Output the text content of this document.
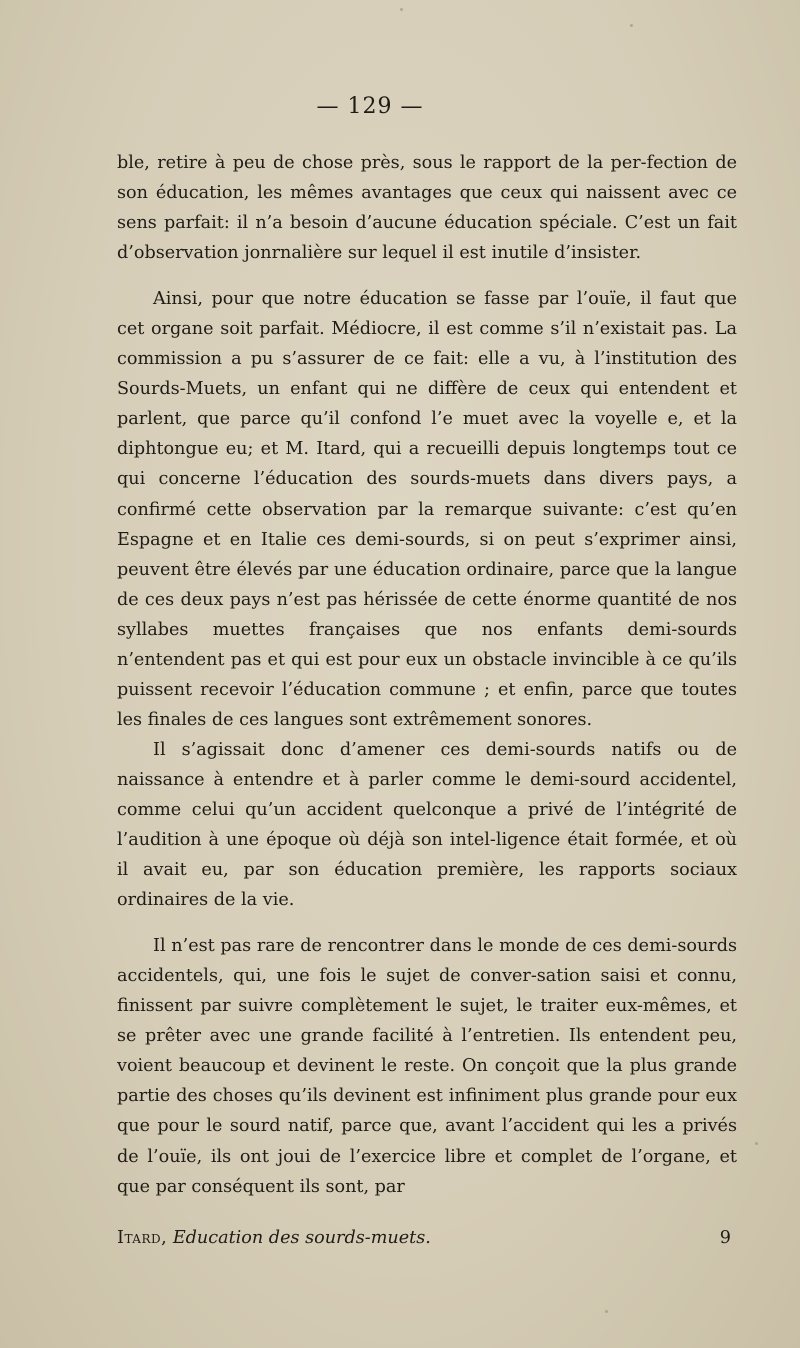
— 129 —

ble, retire à peu de chose près, sous le rapport de la per-fection de son éducation, les mêmes avantages que ceux qui naissent avec ce sens parfait: il n’a besoin d’aucune éducation spéciale. C’est un fait d’observation jonrnalière sur lequel il est inutile d’insister.

Ainsi, pour que notre éducation se fasse par l’ouïe, il faut que cet organe soit parfait. Médiocre, il est comme s’il n’existait pas. La commission a pu s’assurer de ce fait: elle a vu, à l’institution des Sourds-Muets, un enfant qui ne diffère de ceux qui entendent et parlent, que parce qu’il confond l’e muet avec la voyelle e, et la diphtongue eu; et M. Itard, qui a recueilli depuis longtemps tout ce qui concerne l’éducation des sourds-muets dans divers pays, a confirmé cette observation par la remarque suivante: c’est qu’en Espagne et en Italie ces demi-sourds, si on peut s’exprimer ainsi, peuvent être élevés par une éducation ordinaire, parce que la langue de ces deux pays n’est pas hérissée de cette énorme quantité de nos syllabes muettes françaises que nos enfants demi-sourds n’entendent pas et qui est pour eux un obstacle invincible à ce qu’ils puissent recevoir l’éducation commune ; et enfin, parce que toutes les finales de ces langues sont extrêmement sonores.

Il s’agissait donc d’amener ces demi-sourds natifs ou de naissance à entendre et à parler comme le demi-sourd accidentel, comme celui qu’un accident quelconque a privé de l’intégrité de l’audition à une époque où déjà son intel-ligence était formée, et où il avait eu, par son éducation première, les rapports sociaux ordinaires de la vie.

Il n’est pas rare de rencontrer dans le monde de ces demi-sourds accidentels, qui, une fois le sujet de conver-sation saisi et connu, finissent par suivre complètement le sujet, le traiter eux-mêmes, et se prêter avec une grande facilité à l’entretien. Ils entendent peu, voient beaucoup et devinent le reste. On conçoit que la plus grande partie des choses qu’ils devinent est infiniment plus grande pour eux que pour le sourd natif, parce que, avant l’accident qui les a privés de l’ouïe, ils ont joui de l’exercice libre et complet de l’organe, et que par conséquent ils sont, par

Itard, Education des sourds-muets.	9
